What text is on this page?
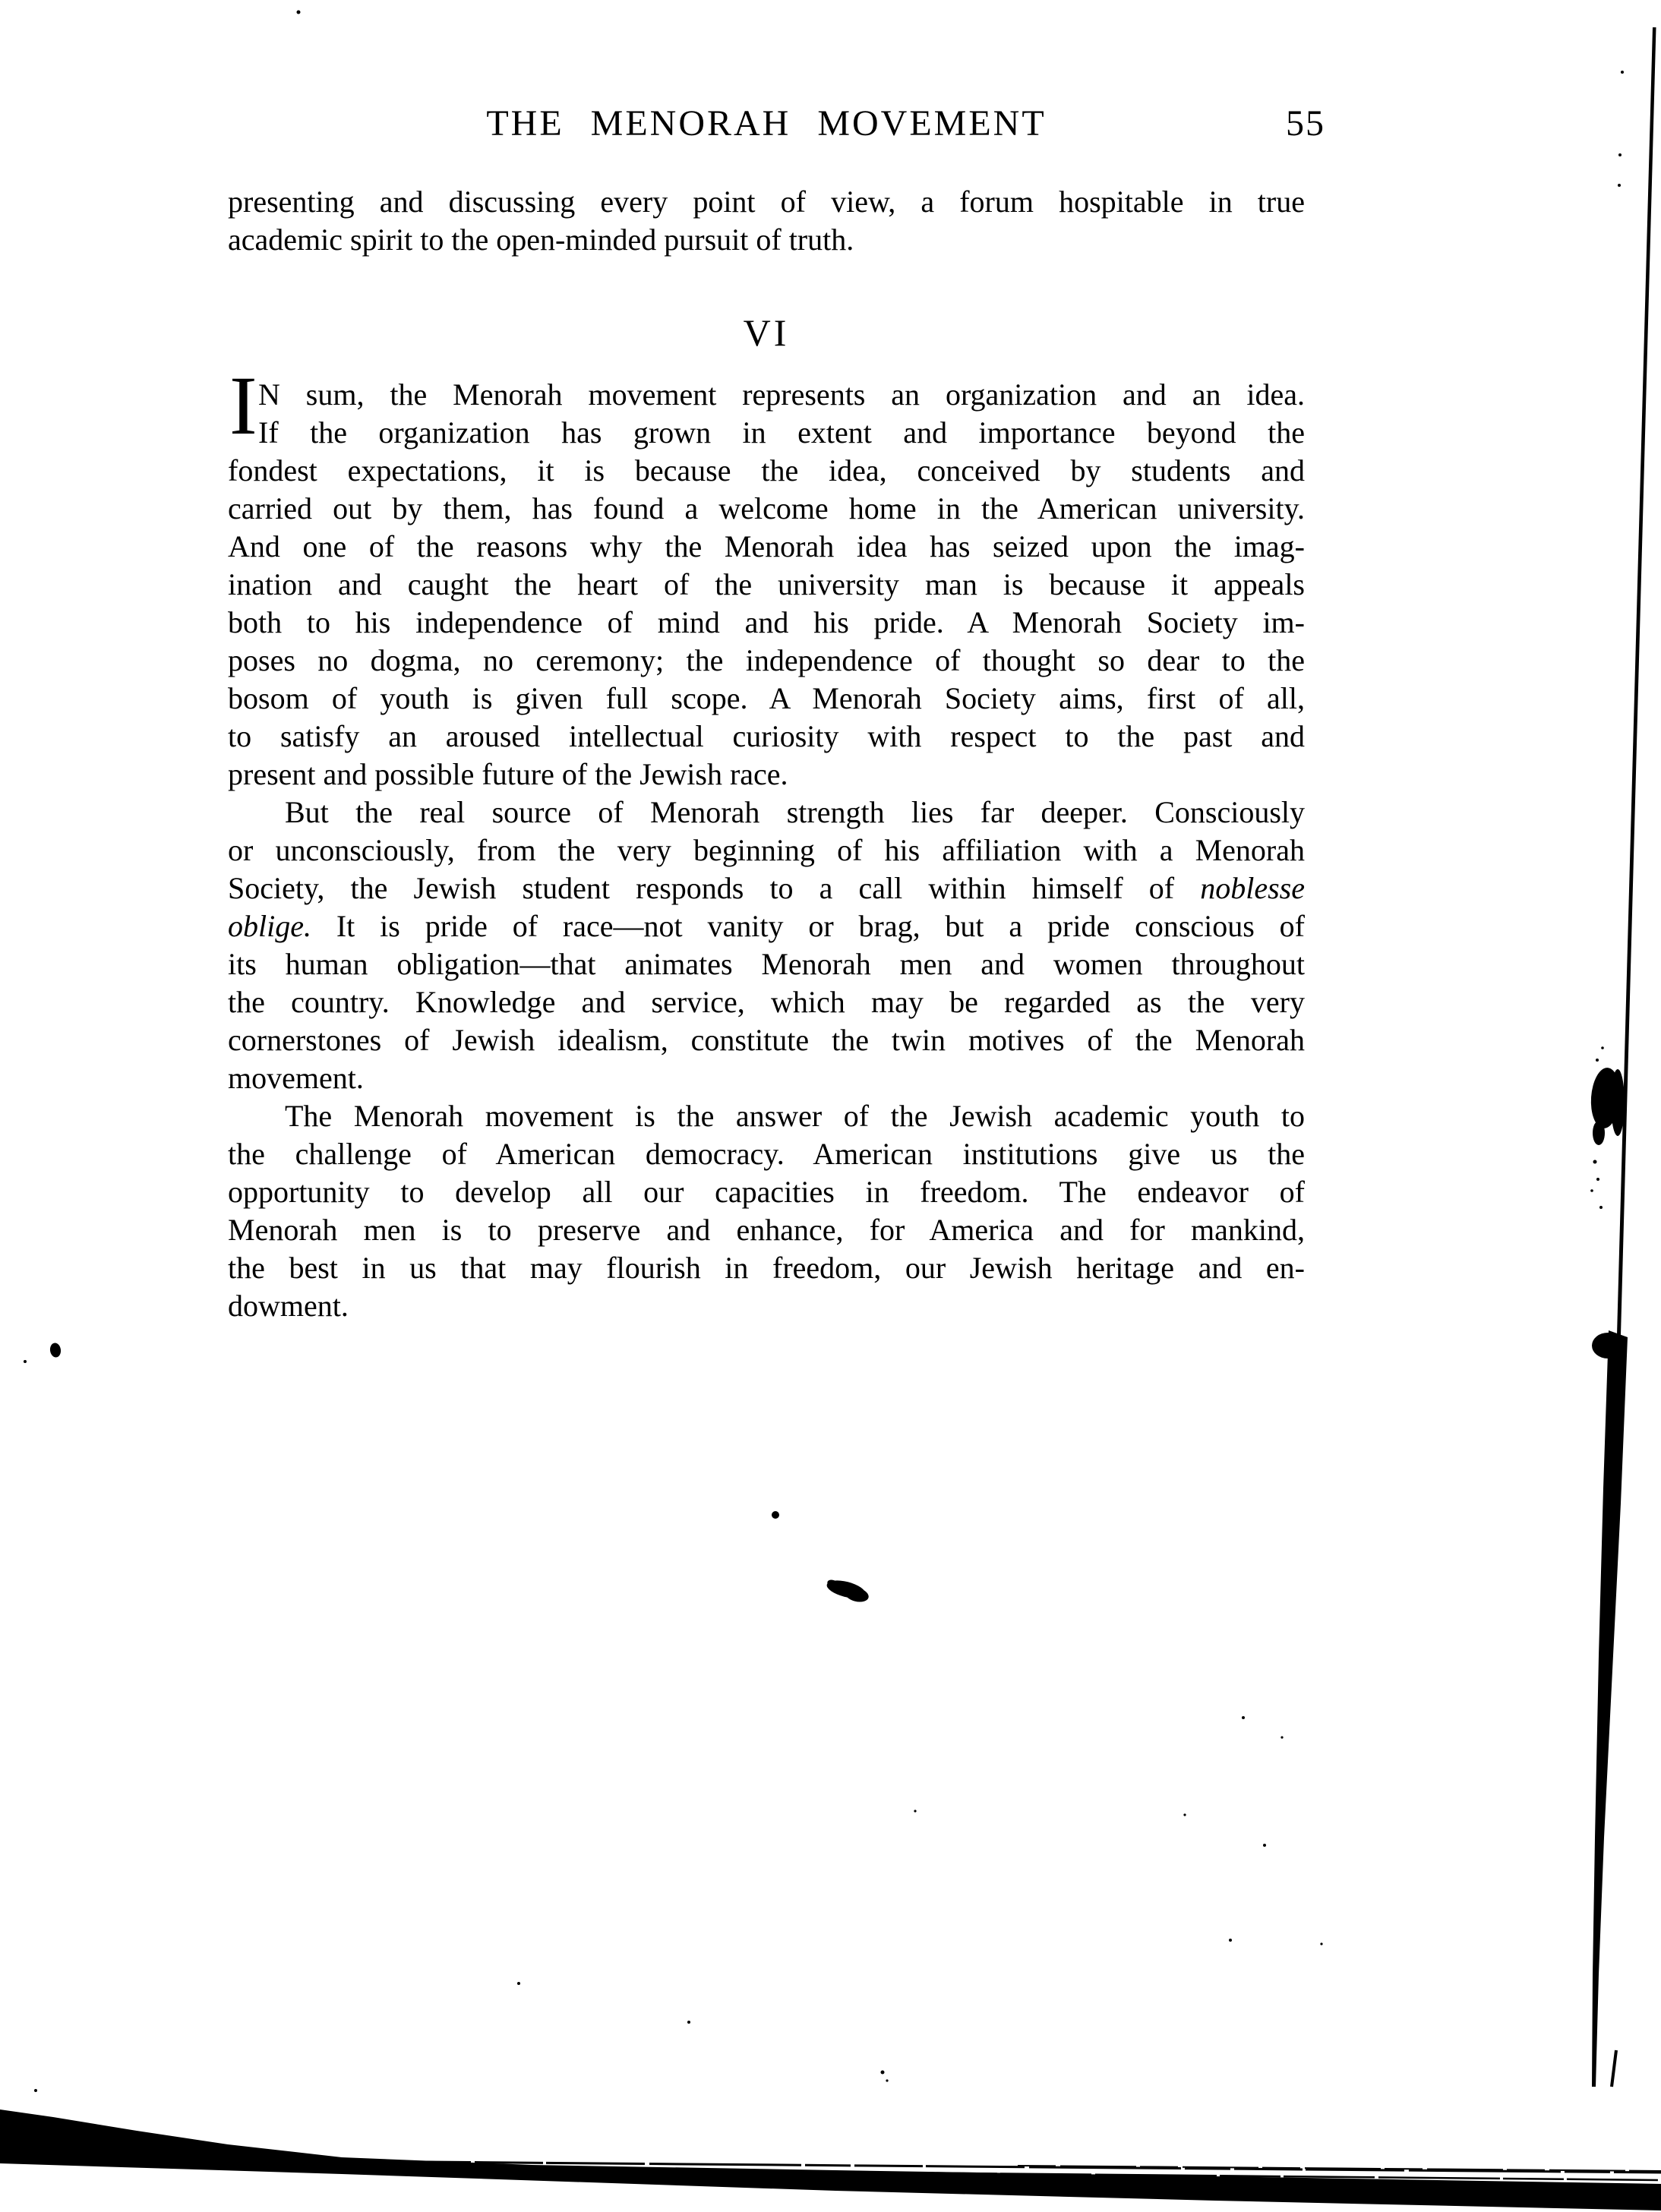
THE MENORAH MOVEMENT	55
presenting and discussing every point of view, a forum hospitable in true
academic spirit to the open-minded pursuit of truth.
VI
I N sum, the Menorah movement represents an organization and an idea.
If the organization has grown in extent and importance beyond the
fondest expectations, it is because the idea, conceived by students and
carried out by them, has found a welcome home in the American university.
And one of the reasons why the Menorah idea has seized upon the imag-
ination and caught the heart of the university man is because it appeals
both to his independence of mind and his pride. A Menorah Society im-
poses no dogma, no ceremony; the independence of thought so dear to the
bosom of youth is given full scope. A Menorah Society aims, first of all,
to satisfy an aroused intellectual curiosity with respect to the past and
present and possible future of the Jewish race.
But the real source of Menorah strength lies far deeper. Consciously
or unconsciously, from the very beginning of his affiliation with a Menorah
Society, the Jewish student responds to a call within himself of noblesse
oblige. It is pride of race—not vanity or brag, but a pride conscious of
its human obligation—that animates Menorah men and women throughout
the country. Knowledge and service, which may be regarded as the very
cornerstones of Jewish idealism, constitute the twin motives of the Menorah
movement.
The Menorah movement is the answer of the Jewish academic youth to
the challenge of American democracy. American institutions give us the
opportunity to develop all our capacities in freedom. The endeavor of
Menorah men is to preserve and enhance, for America and for mankind,
the best in us that may flourish in freedom, our Jewish heritage and en-
dowment.
